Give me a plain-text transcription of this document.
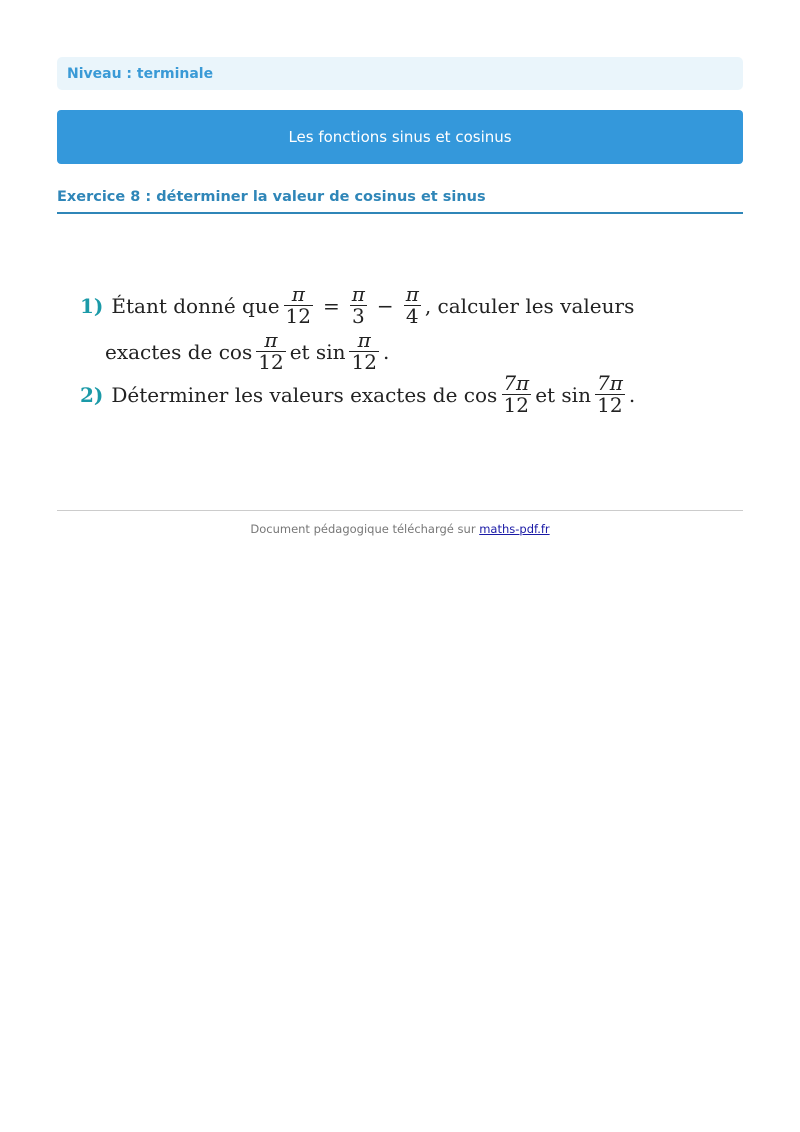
Niveau : terminale
Les fonctions sinus et cosinus
Exercice 8 : déterminer la valeur de cosinus et sinus
1) Étant donné que $\frac{\pi}{12} = \frac{\pi}{3} - \frac{\pi}{4}$ , calculer les valeurs
exactes de $\cos \frac{\pi}{12}$ et $\sin \frac{\pi}{12}$ .
2) Déterminer les valeurs exactes de $\cos \frac{7\pi}{12}$ et $\sin \frac{7\pi}{12}$ .
Document pédagogique téléchargé sur maths-pdf.fr
